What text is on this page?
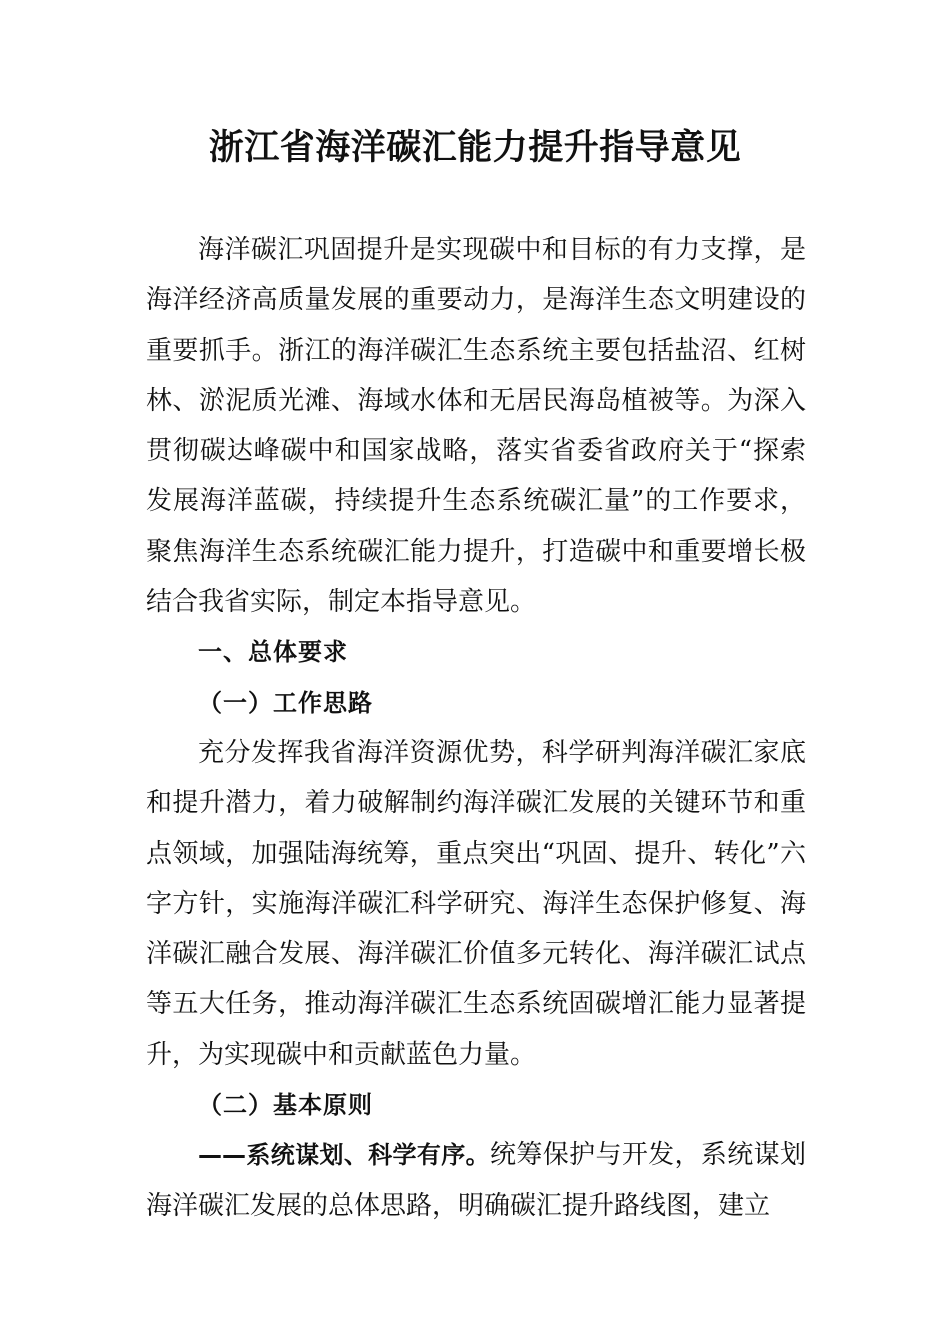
浙江省海洋碳汇能力提升指导意见

海洋碳汇巩固提升是实现碳中和目标的有力支撑，是海洋经济高质量发展的重要动力，是海洋生态文明建设的重要抓手。浙江的海洋碳汇生态系统主要包括盐沼、红树林、淤泥质光滩、海域水体和无居民海岛植被等。为深入贯彻碳达峰碳中和国家战略，落实省委省政府关于“探索发展海洋蓝碳，持续提升生态系统碳汇量”的工作要求，聚焦海洋生态系统碳汇能力提升，打造碳中和重要增长极结合我省实际，制定本指导意见。

一、总体要求

（一）工作思路

充分发挥我省海洋资源优势，科学研判海洋碳汇家底和提升潜力，着力破解制约海洋碳汇发展的关键环节和重点领域，加强陆海统筹，重点突出“巩固、提升、转化”六字方针，实施海洋碳汇科学研究、海洋生态保护修复、海洋碳汇融合发展、海洋碳汇价值多元转化、海洋碳汇试点等五大任务，推动海洋碳汇生态系统固碳增汇能力显著提升，为实现碳中和贡献蓝色力量。

（二）基本原则

——系统谋划、科学有序。统筹保护与开发，系统谋划海洋碳汇发展的总体思路，明确碳汇提升路线图，建立
